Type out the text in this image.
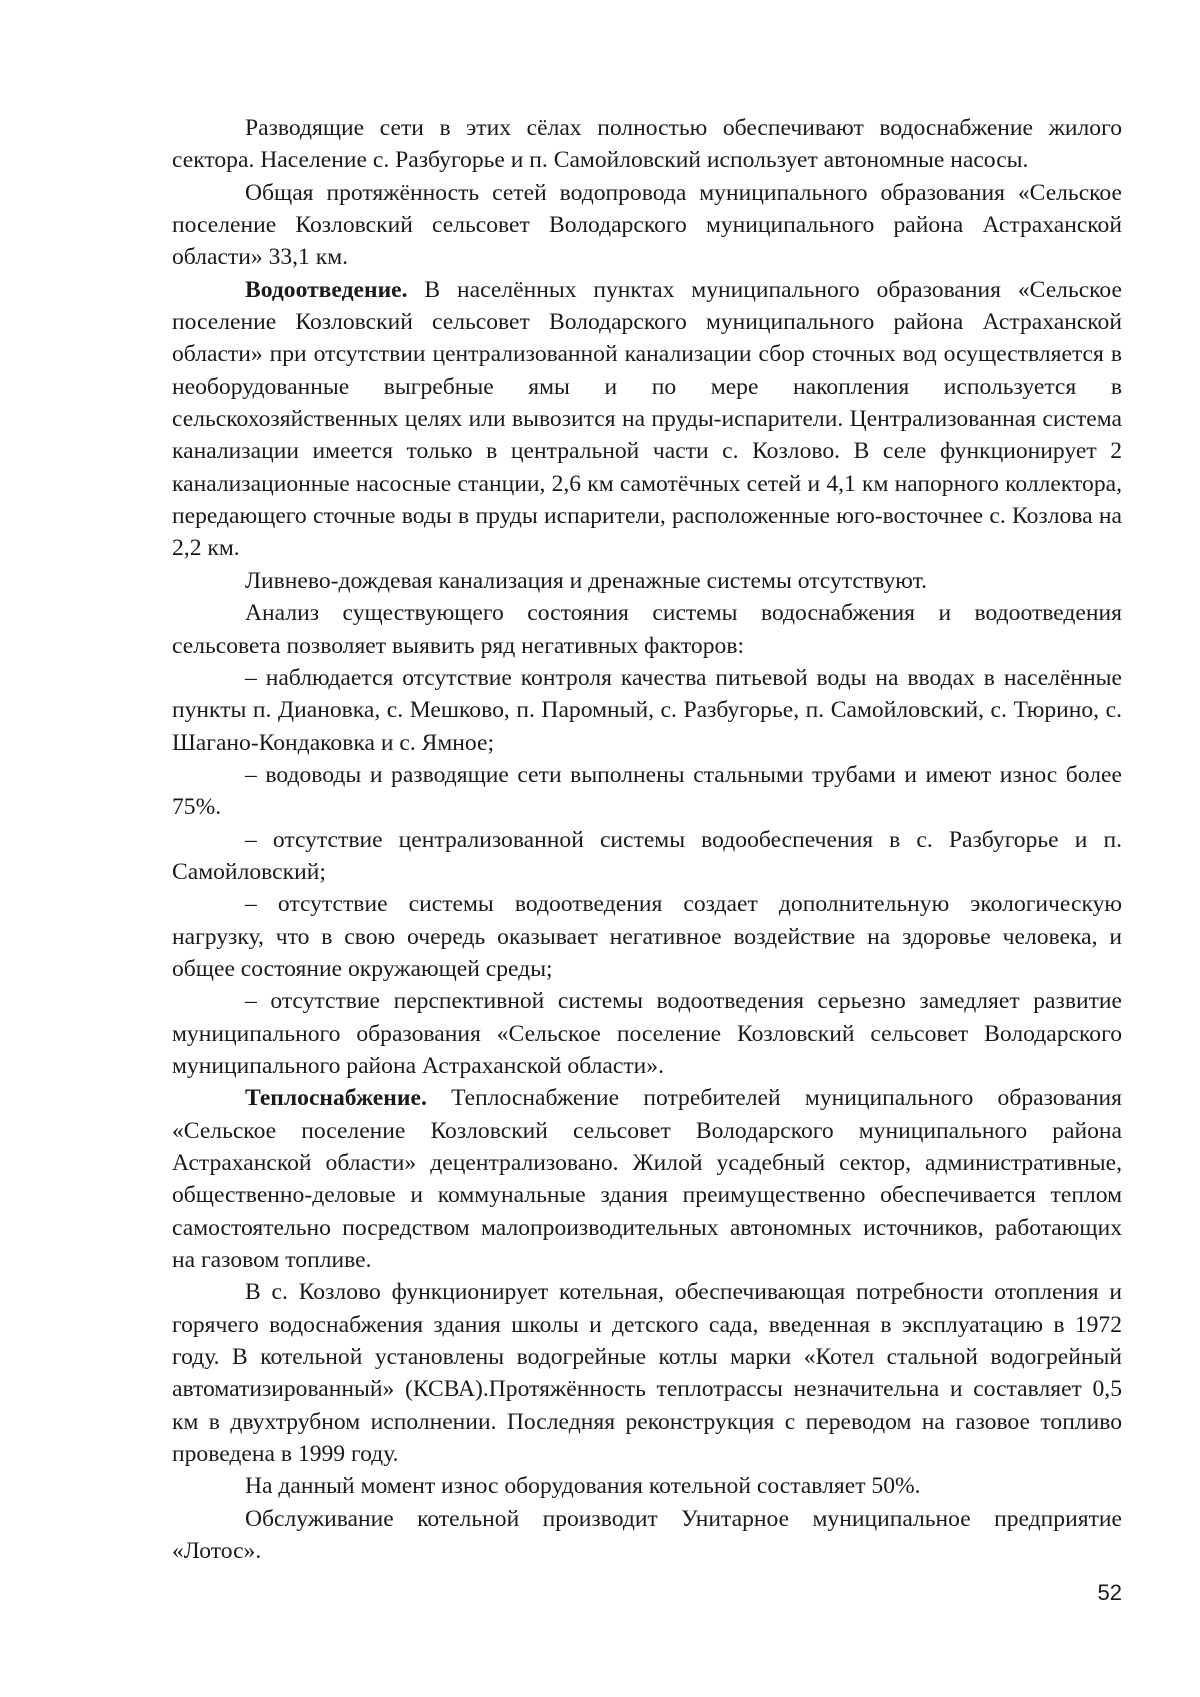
Разводящие сети в этих сёлах полностью обеспечивают водоснабжение жилого сектора. Население с. Разбугорье и п. Самойловский использует автономные насосы.

Общая протяжённость сетей водопровода муниципального образования «Сельское поселение Козловский сельсовет Володарского муниципального района Астраханской области» 33,1 км.

Водоотведение. В населённых пунктах муниципального образования «Сельское поселение Козловский сельсовет Володарского муниципального района Астраханской области» при отсутствии централизованной канализации сбор сточных вод осуществляется в необорудованные выгребные ямы и по мере накопления используется в сельскохозяйственных целях или вывозится на пруды-испарители. Централизованная система канализации имеется только в центральной части с. Козлово. В селе функционирует 2 канализационные насосные станции, 2,6 км самотёчных сетей и 4,1 км напорного коллектора, передающего сточные воды в пруды испарители, расположенные юго-восточнее с. Козлова на 2,2 км.

Ливнево-дождевая канализация и дренажные системы отсутствуют.

Анализ существующего состояния системы водоснабжения и водоотведения сельсовета позволяет выявить ряд негативных факторов:

– наблюдается отсутствие контроля качества питьевой воды на вводах в населённые пункты п. Диановка, с. Мешково, п. Паромный, с. Разбугорье, п. Самойловский, с. Тюрино, с. Шагано-Кондаковка и с. Ямное;

– водоводы и разводящие сети выполнены стальными трубами и имеют износ более 75%.

– отсутствие централизованной системы водообеспечения в с. Разбугорье и п. Самойловский;

– отсутствие системы водоотведения создает дополнительную экологическую нагрузку, что в свою очередь оказывает негативное воздействие на здоровье человека, и общее состояние окружающей среды;

– отсутствие перспективной системы водоотведения серьезно замедляет развитие муниципального образования «Сельское поселение Козловский сельсовет Володарского муниципального района Астраханской области».

Теплоснабжение. Теплоснабжение потребителей муниципального образования «Сельское поселение Козловский сельсовет Володарского муниципального района Астраханской области» децентрализовано. Жилой усадебный сектор, административные, общественно-деловые и коммунальные здания преимущественно обеспечивается теплом самостоятельно посредством малопроизводительных автономных источников, работающих на газовом топливе.

В с. Козлово функционирует котельная, обеспечивающая потребности отопления и горячего водоснабжения здания школы и детского сада, введенная в эксплуатацию в 1972 году. В котельной установлены водогрейные котлы марки «Котел стальной водогрейный автоматизированный» (КСВА).Протяжённость теплотрассы незначительна и составляет 0,5 км в двухтрубном исполнении. Последняя реконструкция с переводом на газовое топливо проведена в 1999 году.

На данный момент износ оборудования котельной составляет 50%.

Обслуживание котельной производит Унитарное муниципальное предприятие «Лотос».

52
